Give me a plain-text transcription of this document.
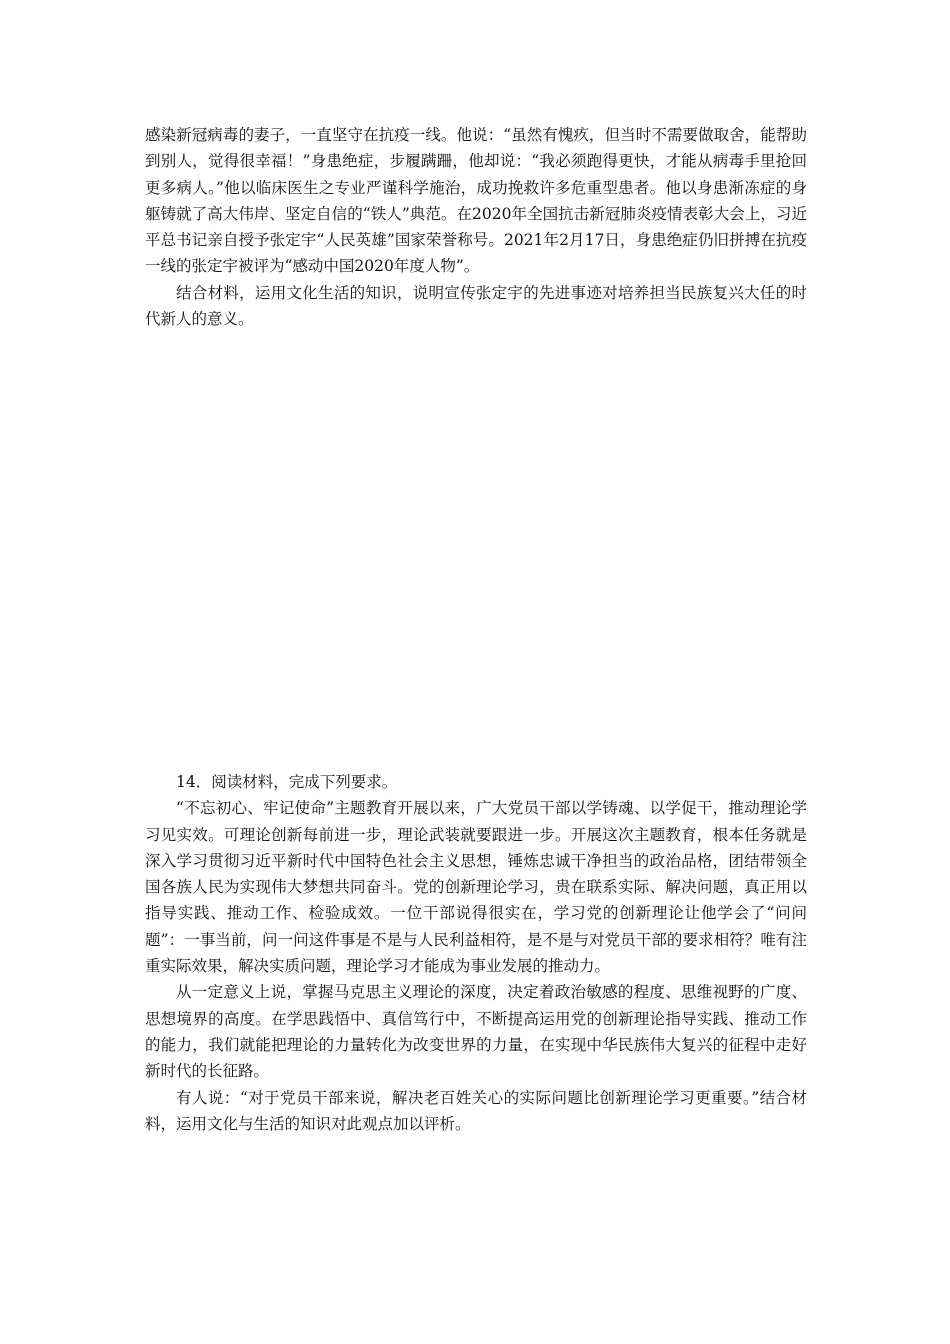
感染新冠病毒的妻子，一直坚守在抗疫一线。他说：“虽然有愧疚，但当时不需要做取舍，能帮助到别人，觉得很幸福！”身患绝症，步履蹒跚，他却说：“我必须跑得更快，才能从病毒手里抢回更多病人。”他以临床医生之专业严谨科学施治，成功挽救许多危重型患者。他以身患渐冻症的身躯铸就了高大伟岸、坚定自信的“铁人”典范。在2020年全国抗击新冠肺炎疫情表彰大会上，习近平总书记亲自授予张定宇“人民英雄”国家荣誉称号。2021年2月17日，身患绝症仍旧拼搏在抗疫一线的张定宇被评为“感动中国2020年度人物”。

结合材料，运用文化生活的知识，说明宣传张定宇的先进事迹对培养担当民族复兴大任的时代新人的意义。

14．阅读材料，完成下列要求。

“不忘初心、牢记使命”主题教育开展以来，广大党员干部以学铸魂、以学促干，推动理论学习见实效。可理论创新每前进一步，理论武装就要跟进一步。开展这次主题教育，根本任务就是深入学习贯彻习近平新时代中国特色社会主义思想，锤炼忠诚干净担当的政治品格，团结带领全国各族人民为实现伟大梦想共同奋斗。党的创新理论学习，贵在联系实际、解决问题，真正用以指导实践、推动工作、检验成效。一位干部说得很实在，学习党的创新理论让他学会了“问问题”：一事当前，问一问这件事是不是与人民利益相符，是不是与对党员干部的要求相符？唯有注重实际效果，解决实质问题，理论学习才能成为事业发展的推动力。

从一定意义上说，掌握马克思主义理论的深度，决定着政治敏感的程度、思维视野的广度、思想境界的高度。在学思践悟中、真信笃行中，不断提高运用党的创新理论指导实践、推动工作的能力，我们就能把理论的力量转化为改变世界的力量，在实现中华民族伟大复兴的征程中走好新时代的长征路。

有人说：“对于党员干部来说，解决老百姓关心的实际问题比创新理论学习更重要。”结合材料，运用文化与生活的知识对此观点加以评析。
